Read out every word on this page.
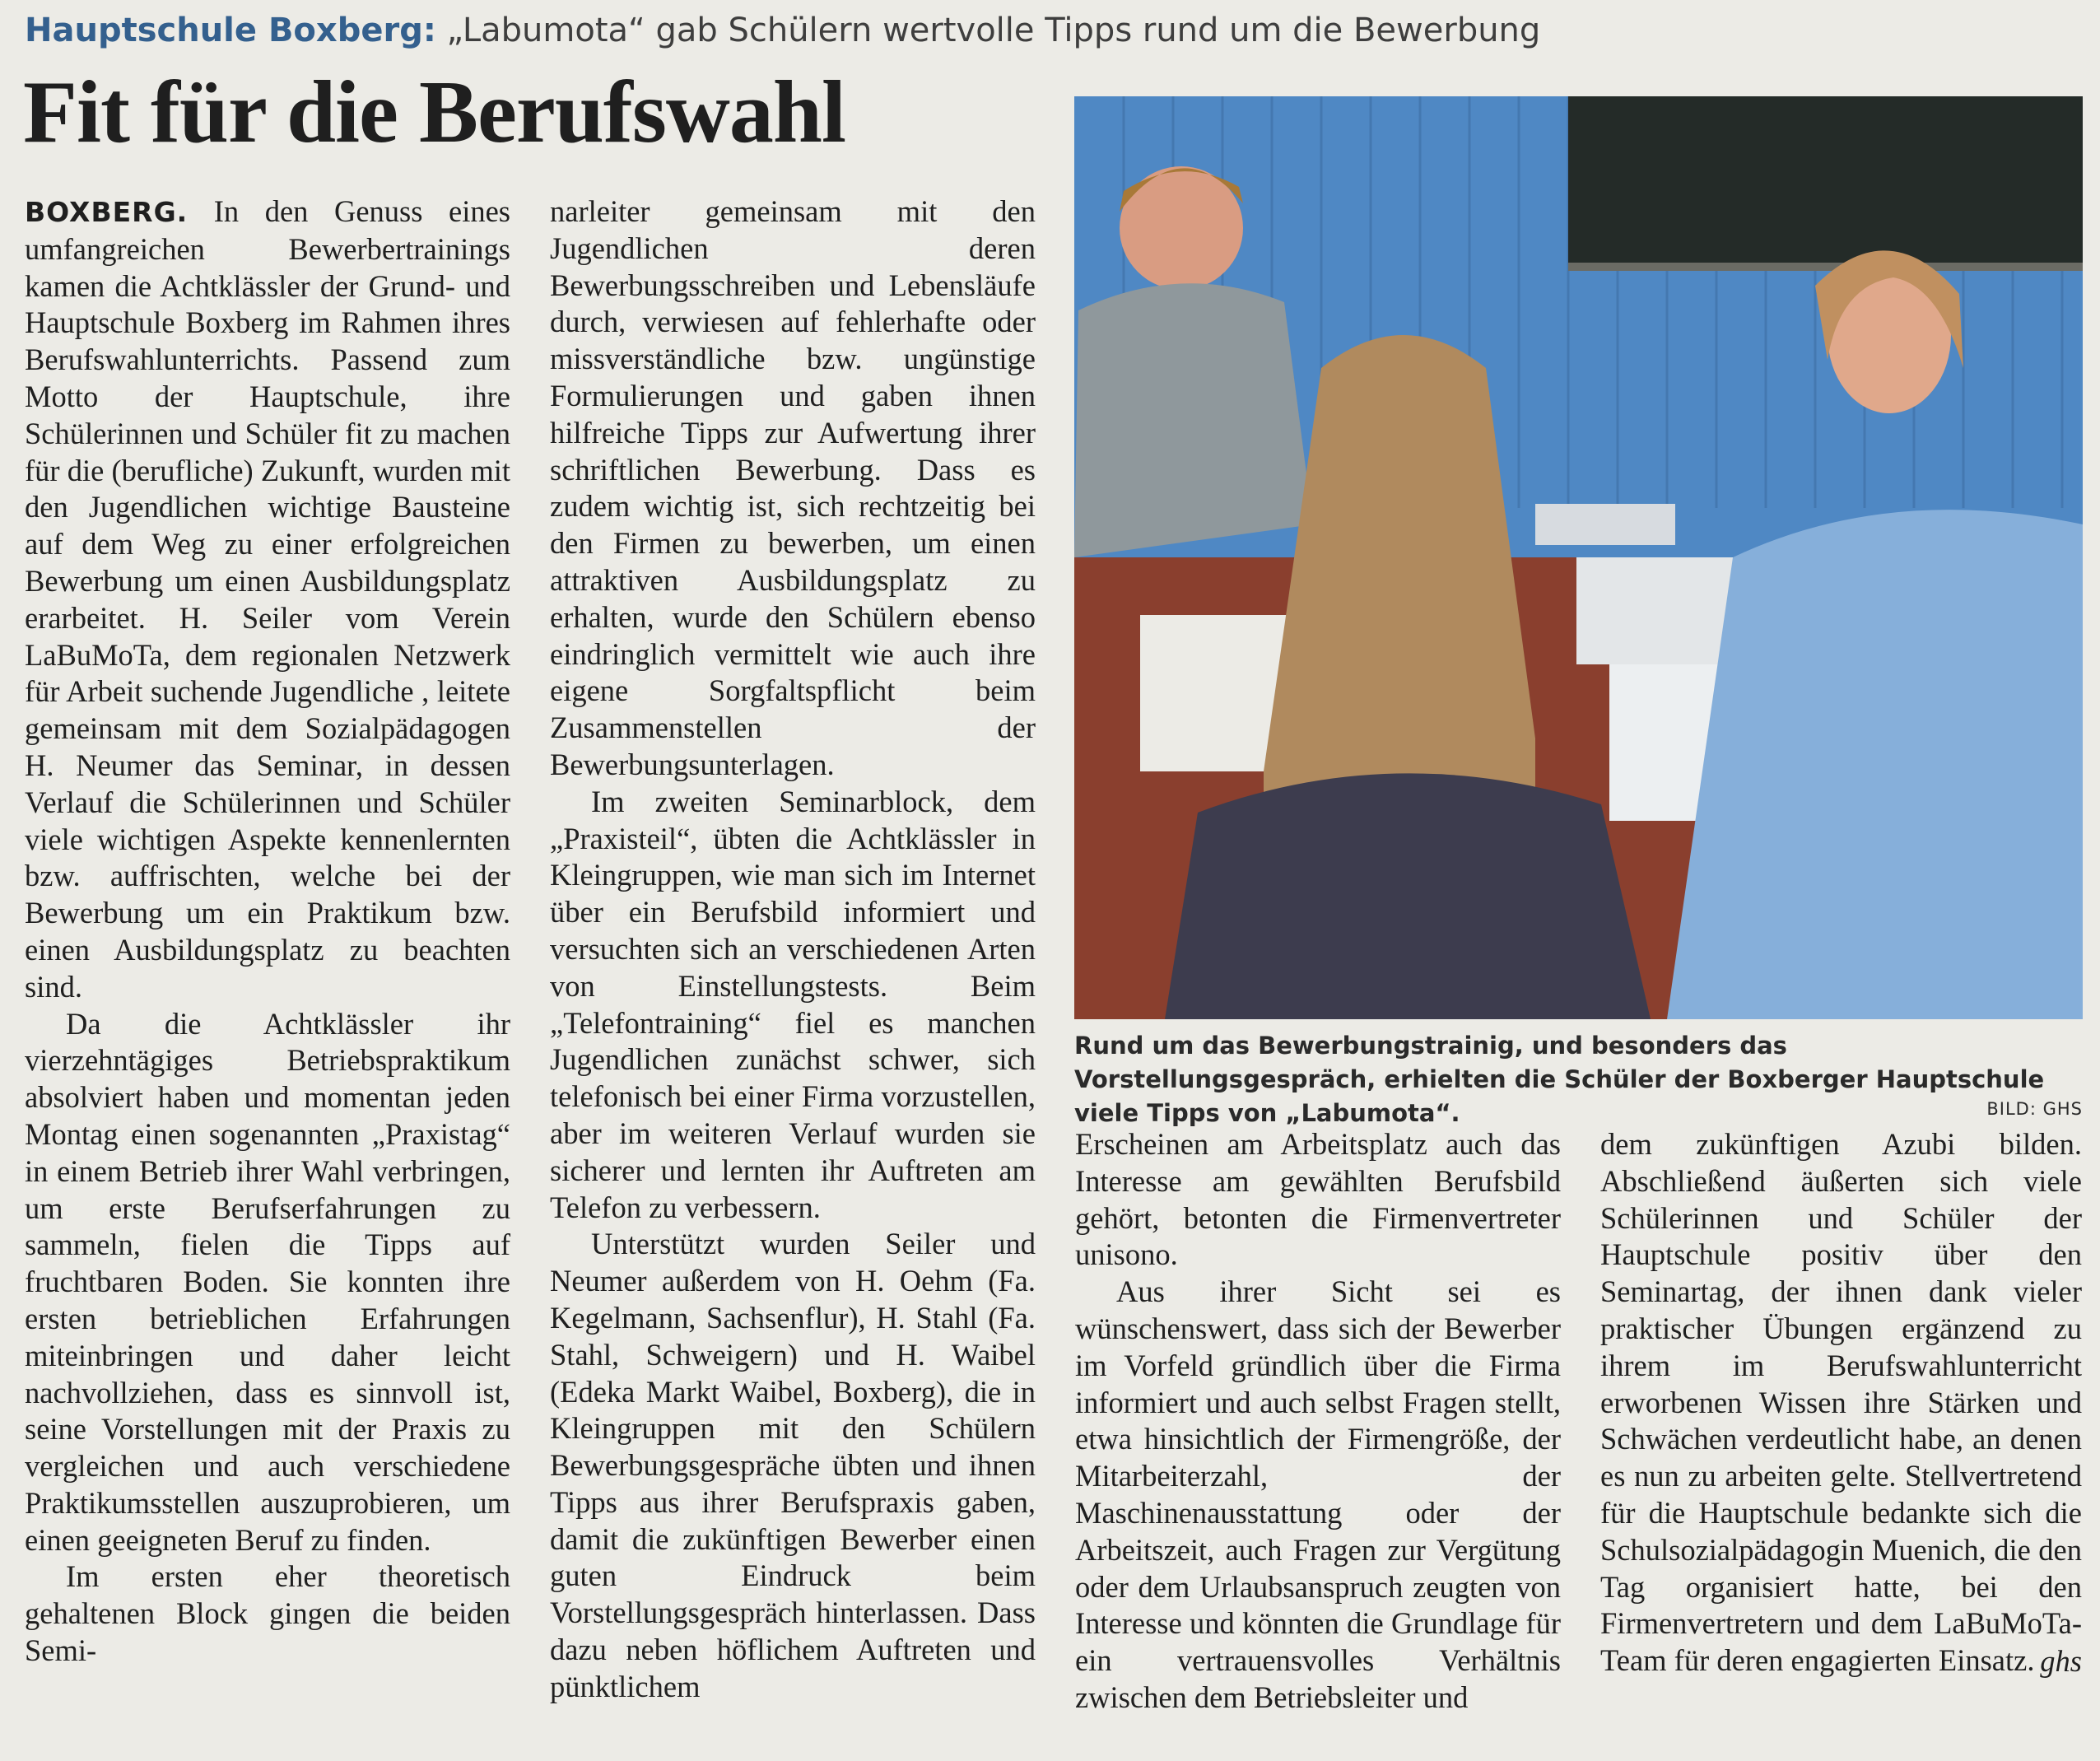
Hauptschule Boxberg: „Labumota“ gab Schülern wertvolle Tipps rund um die Bewerbung
Fit für die Berufswahl

BOXBERG. In den Genuss eines umfangreichen Bewerbertrainings kamen die Achtklässler der Grund- und Hauptschule Boxberg im Rahmen ihres Berufswahlunterrichts. Passend zum Motto der Hauptschule, ihre Schülerinnen und Schüler fit zu machen für die (berufliche) Zukunft, wurden mit den Jugendlichen wichtige Bausteine auf dem Weg zu einer erfolgreichen Bewerbung um einen Ausbildungsplatz erarbeitet. H. Seiler vom Verein LaBuMoTa, dem regionalen Netzwerk für Arbeit suchende Jugendliche , leitete gemeinsam mit dem Sozialpädagogen H. Neumer das Seminar, in dessen Verlauf die Schülerinnen und Schüler viele wichtigen Aspekte kennenlernten bzw. auffrischten, welche bei der Bewerbung um ein Praktikum bzw. einen Ausbildungsplatz zu beachten sind.

Da die Achtklässler ihr vierzehntägiges Betriebspraktikum absolviert haben und momentan jeden Montag einen sogenannten „Praxistag“ in einem Betrieb ihrer Wahl verbringen, um erste Berufserfahrungen zu sammeln, fielen die Tipps auf fruchtbaren Boden. Sie konnten ihre ersten betrieblichen Erfahrungen miteinbringen und daher leicht nachvollziehen, dass es sinnvoll ist, seine Vorstellungen mit der Praxis zu vergleichen und auch verschiedene Praktikumsstellen auszuprobieren, um einen geeigneten Beruf zu finden.

Im ersten eher theoretisch gehaltenen Block gingen die beiden Semi-

narleiter gemeinsam mit den Jugendlichen deren Bewerbungsschreiben und Lebensläufe durch, verwiesen auf fehlerhafte oder missverständliche bzw. ungünstige Formulierungen und gaben ihnen hilfreiche Tipps zur Aufwertung ihrer schriftlichen Bewerbung. Dass es zudem wichtig ist, sich rechtzeitig bei den Firmen zu bewerben, um einen attraktiven Ausbildungsplatz zu erhalten, wurde den Schülern ebenso eindringlich vermittelt wie auch ihre eigene Sorgfaltspflicht beim Zusammenstellen der Bewerbungsunterlagen.

Im zweiten Seminarblock, dem „Praxisteil“, übten die Achtklässler in Kleingruppen, wie man sich im Internet über ein Berufsbild informiert und versuchten sich an verschiedenen Arten von Einstellungstests. Beim „Telefontraining“ fiel es manchen Jugendlichen zunächst schwer, sich telefonisch bei einer Firma vorzustellen, aber im weiteren Verlauf wurden sie sicherer und lernten ihr Auftreten am Telefon zu verbessern.

Unterstützt wurden Seiler und Neumer außerdem von H. Oehm (Fa. Kegelmann, Sachsenflur), H. Stahl (Fa. Stahl, Schweigern) und H. Waibel (Edeka Markt Waibel, Boxberg), die in Kleingruppen mit den Schülern Bewerbungsgespräche übten und ihnen Tipps aus ihrer Berufspraxis gaben, damit die zukünftigen Bewerber einen guten Eindruck beim Vorstellungsgespräch hinterlassen. Dass dazu neben höflichem Auftreten und pünktlichem

Rund um das Bewerbungstrainig, und besonders das Vorstellungsgespräch, erhielten die Schüler der Boxberger Hauptschule viele Tipps von „Labumota“.	BILD: GHS

Erscheinen am Arbeitsplatz auch das Interesse am gewählten Berufsbild gehört, betonten die Firmenvertreter unisono.

Aus ihrer Sicht sei es wünschenswert, dass sich der Bewerber im Vorfeld gründlich über die Firma informiert und auch selbst Fragen stellt, etwa hinsichtlich der Firmengröße, der Mitarbeiterzahl, der Maschinenausstattung oder der Arbeitszeit, auch Fragen zur Vergütung oder dem Urlaubsanspruch zeugten von Interesse und könnten die Grundlage für ein vertrauensvolles Verhältnis zwischen dem Betriebsleiter und

dem zukünftigen Azubi bilden. Abschließend äußerten sich viele Schülerinnen und Schüler der Hauptschule positiv über den Seminartag, der ihnen dank vieler praktischer Übungen ergänzend zu ihrem im Berufswahlunterricht erworbenen Wissen ihre Stärken und Schwächen verdeutlicht habe, an denen es nun zu arbeiten gelte. Stellvertretend für die Hauptschule bedankte sich die Schulsozialpädagogin Muenich, die den Tag organisiert hatte, bei den Firmenvertretern und dem LaBuMoTa-Team für deren engagierten Einsatz. ghs
